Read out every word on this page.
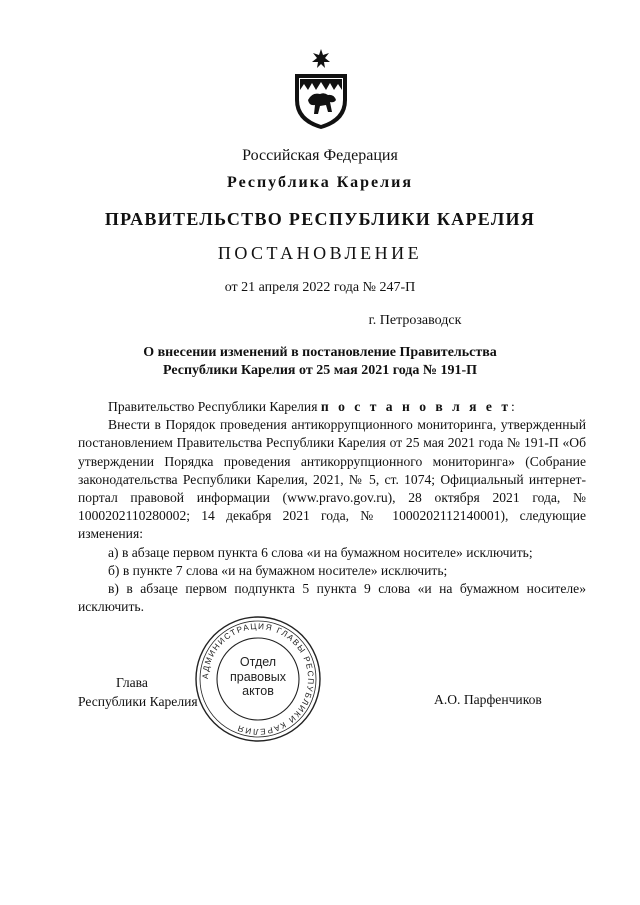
Российская Федерация
Республика Карелия
ПРАВИТЕЛЬСТВО РЕСПУБЛИКИ КАРЕЛИЯ
ПОСТАНОВЛЕНИЕ
от 21 апреля 2022 года № 247-П
г. Петрозаводск
О внесении изменений в постановление Правительства
Республики Карелия от 25 мая 2021 года № 191-П

Правительство Республики Карелия п о с т а н о в л я е т:

Внести в Порядок проведения антикоррупционного мониторинга, утвержденный постановлением Правительства Республики Карелия от 25 мая 2021 года № 191-П «Об утверждении Порядка проведения антикоррупционного мониторинга» (Собрание законодательства Республики Карелия, 2021, № 5, ст. 1074; Официальный интернет-портал правовой информации (www.pravo.gov.ru), 28 октября 2021 года, № 1000202110280002; 14 декабря 2021 года, № 1000202112140001), следующие изменения:

а) в абзаце первом пункта 6 слова «и на бумажном носителе» исключить;

б) в пункте 7 слова «и на бумажном носителе» исключить;

в) в абзаце первом подпункта 5 пункта 9 слова «и на бумажном носителе» исключить.

Глава
Республики Карелия	А.О. Парфенчиков
АДМИНИСТРАЦИЯ ГЛАВЫ РЕСПУБЛИКИ КАРЕЛИЯ
Отдел
правовых
актов
